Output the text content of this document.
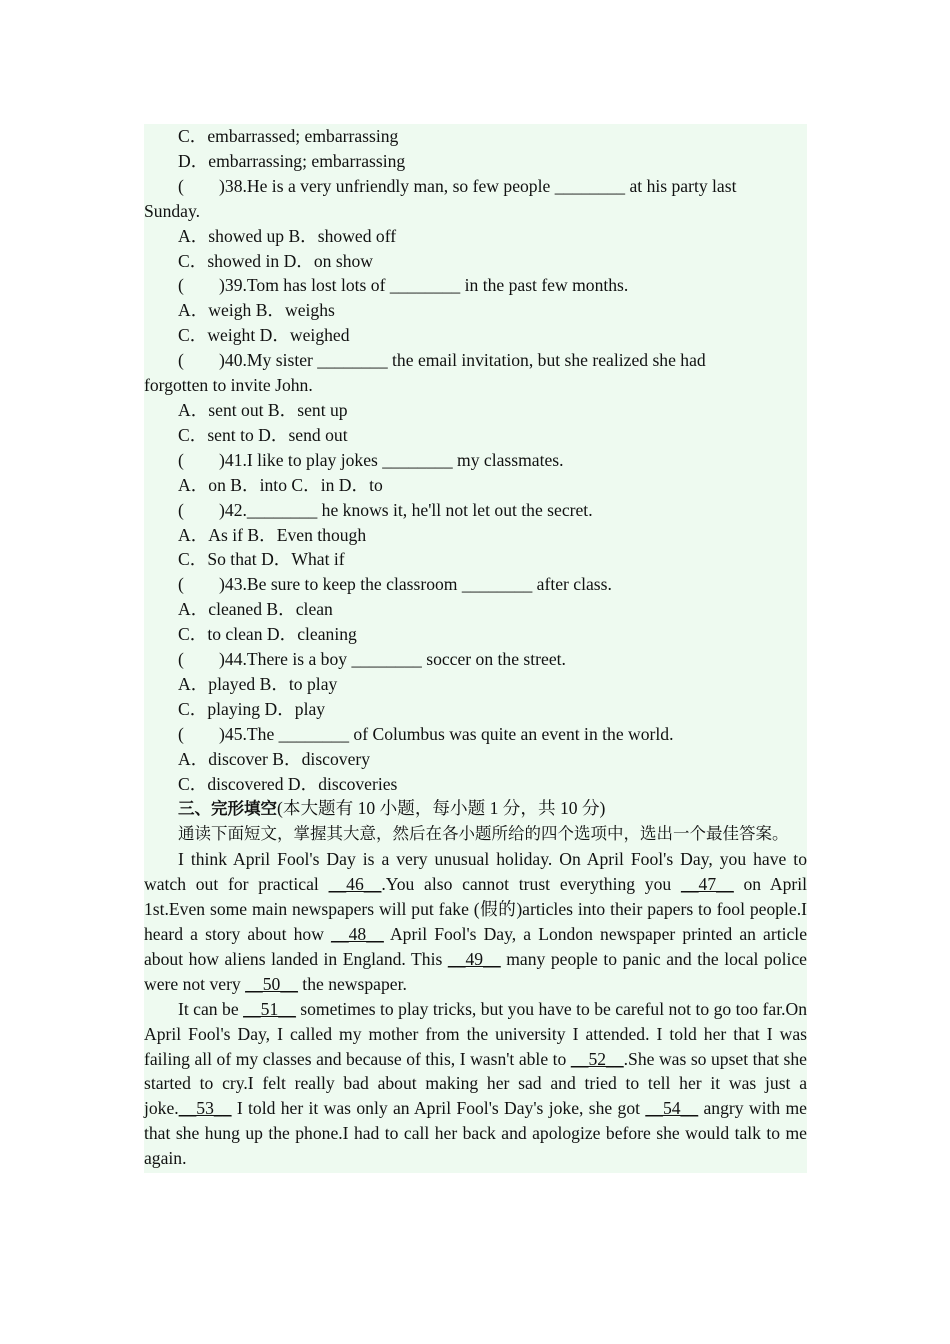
C．embarrassed; embarrassing
D．embarrassing; embarrassing
(　　)38.He is a very unfriendly man, so few people ________ at his party last
Sunday.
A．showed up B．showed off
C．showed in D．on show
(　　)39.Tom has lost lots of ________ in the past few months.
A．weigh B．weighs
C．weight D．weighed
(　　)40.My sister ________ the email invitation, but she realized she had
forgotten to invite John.
A．sent out B．sent up
C．sent to D．send out
(　　)41.I like to play jokes ________ my classmates.
A．on B．into C．in D．to
(　　)42.________ he knows it, he'll not let out the secret.
A．As if B．Even though
C．So that D．What if
(　　)43.Be sure to keep the classroom ________ after class.
A．cleaned B．clean
C．to clean D．cleaning
(　　)44.There is a boy ________ soccer on the street.
A．played B．to play
C．playing D．play
(　　)45.The ________ of Columbus was quite an event in the world.
A．discover B．discovery
C．discovered D．discoveries
三、完形填空(本大题有 10 小题，每小题 1 分，共 10 分)
通读下面短文，掌握其大意，然后在各小题所给的四个选项中，选出一个最佳答案。
I think April Fool's Day is a very unusual holiday. On April Fool's Day, you have to watch out for practical __46__.You also cannot trust everything you __47__ on April 1st.Even some main newspapers will put fake (假的)articles into their papers to fool people.I heard a story about how __48__ April Fool's Day, a London newspaper printed an article about how aliens landed in England. This __49__ many people to panic and the local police were not very __50__ the newspaper.
It can be __51__ sometimes to play tricks, but you have to be careful not to go too far.On April Fool's Day, I called my mother from the university I attended. I told her that I was failing all of my classes and because of this, I wasn't able to __52__.She was so upset that she started to cry.I felt really bad about making her sad and tried to tell her it was just a joke.__53__ I told her it was only an April Fool's Day's joke, she got __54__ angry with me that she hung up the phone.I had to call her back and apologize before she would talk to me again.
